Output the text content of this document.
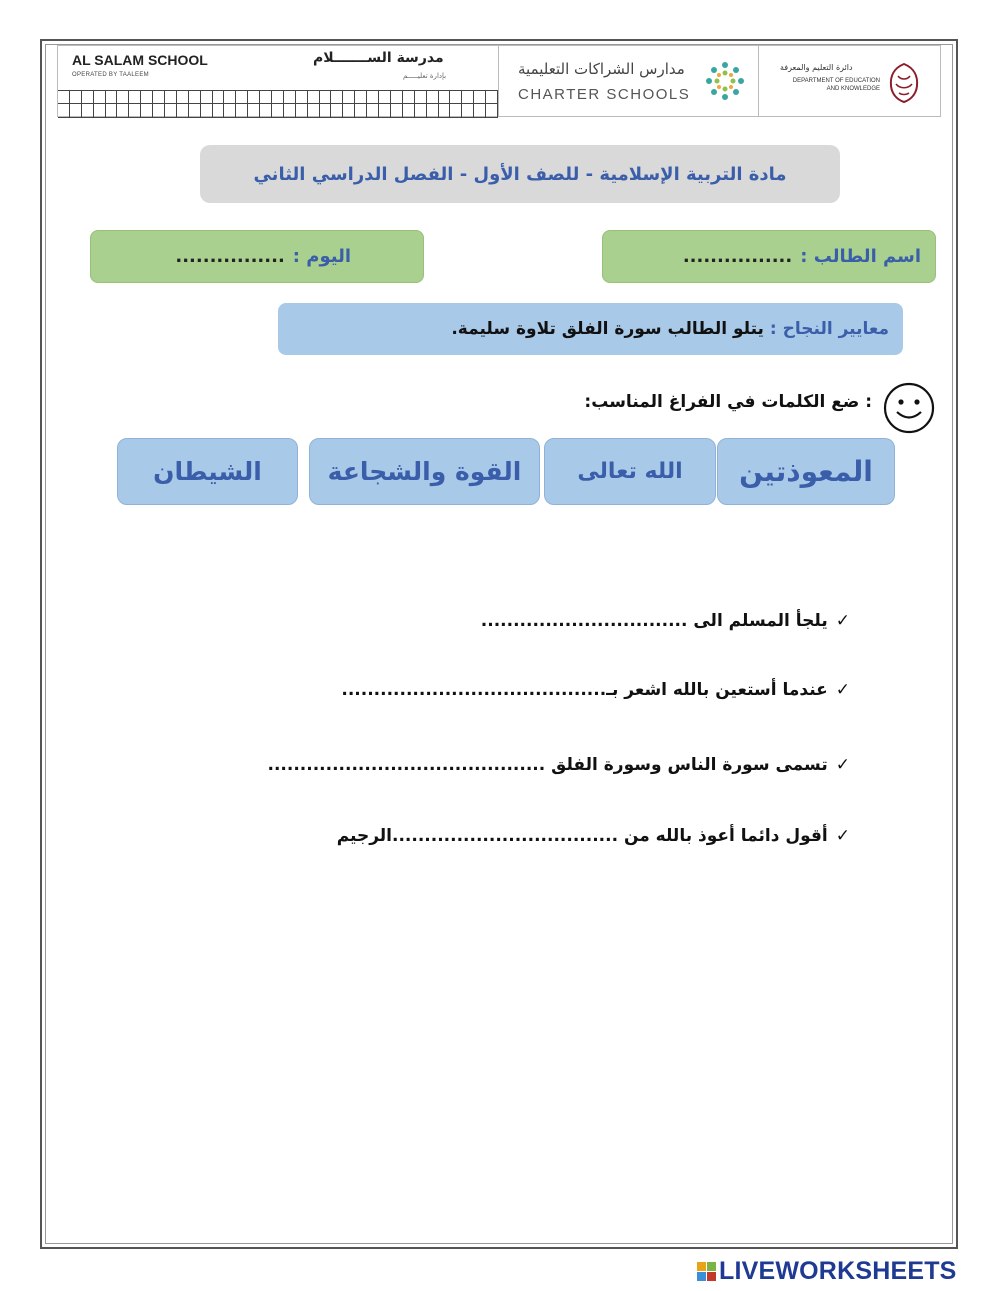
AL SALAM SCHOOL
OPERATED BY TAALEEM
مدرسة الســـــــلام
بإدارة تعليـــــم	مدارس الشراكات التعليمية
CHARTER SCHOOLS
دائرة التعليم والمعرفة
DEPARTMENT OF EDUCATION
AND KNOWLEDGE
مادة التربية الإسلامية - للصف الأول - الفصل الدراسي الثاني
اسم الطالب :
................
اليوم :
................
معايير النجاح :
يتلو الطالب سورة الفلق تلاوة سليمة.
: ضع الكلمات في الفراغ المناسب:
المعوذتين
الله تعالى
القوة والشجاعة
الشيطان
✓يلجأ المسلم الى ................................
✓عندما أستعين بالله اشعر بـ.........................................
✓تسمى سورة الناس وسورة الفلق ...........................................
✓أقول دائما أعوذ بالله من ...................................الرجيم
LIVEWORKSHEETS
